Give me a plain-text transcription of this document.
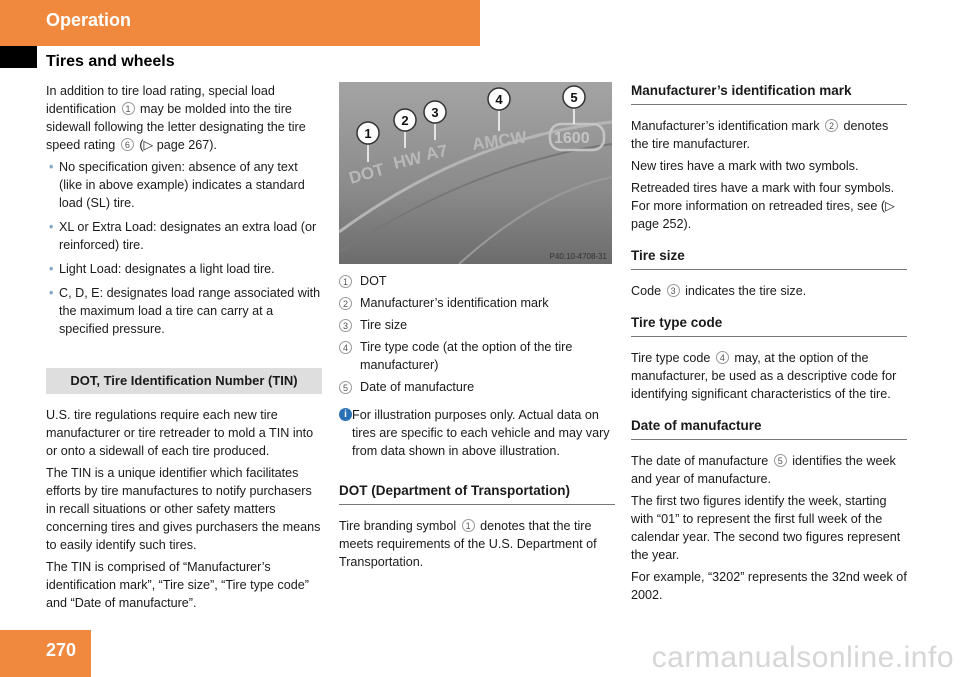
Operation
Tires and wheels

In addition to tire load rating, special load identification 1 may be molded into the tire sidewall following the letter designating the tire speed rating 6 (▷ page 267).

• No specification given: absence of any text (like in above example) indicates a standard load (SL) tire.
• XL or Extra Load: designates an extra load (or reinforced) tire.
• Light Load: designates a light load tire.
• C, D, E: designates load range associated with the maximum load a tire can carry at a specified pressure.
DOT, Tire Identification Number (TIN)

U.S. tire regulations require each new tire manufacturer or tire retreader to mold a TIN into or onto a sidewall of each tire produced.

The TIN is a unique identifier which facilitates efforts by tire manufactures to notify purchasers in recall situations or other safety matters concerning tires and gives purchasers the means to easily identify such tires.

The TIN is comprised of “Manufacturer’s identification mark”, “Tire size”, “Tire type code” and “Date of manufacture”.

DOT HW A7 AMCW 1600
1
2
3
4	5
P40.10-4708-31
1 DOT
2 Manufacturer’s identification mark
3 Tire size
4 Tire type code (at the option of the tire manufacturer)
5 Date of manufacture
i For illustration purposes only. Actual data on tires are specific to each vehicle and may vary from data shown in above illustration.
DOT (Department of Transportation)

Tire branding symbol 1 denotes that the tire meets requirements of the U.S. Department of Transportation.

Manufacturer’s identification mark

Manufacturer’s identification mark 2 denotes the tire manufacturer.

New tires have a mark with two symbols.

Retreaded tires have a mark with four symbols. For more information on retreaded tires, see (▷ page 252).

Tire size

Code 3 indicates the tire size.

Tire type code

Tire type code 4 may, at the option of the manufacturer, be used as a descriptive code for identifying significant characteristics of the tire.

Date of manufacture

The date of manufacture 5 identifies the week and year of manufacture.

The first two figures identify the week, starting with “01” to represent the first full week of the calendar year. The second two figures represent the year.

For example, “3202” represents the 32nd week of 2002.

270	carmanualsonline.info
